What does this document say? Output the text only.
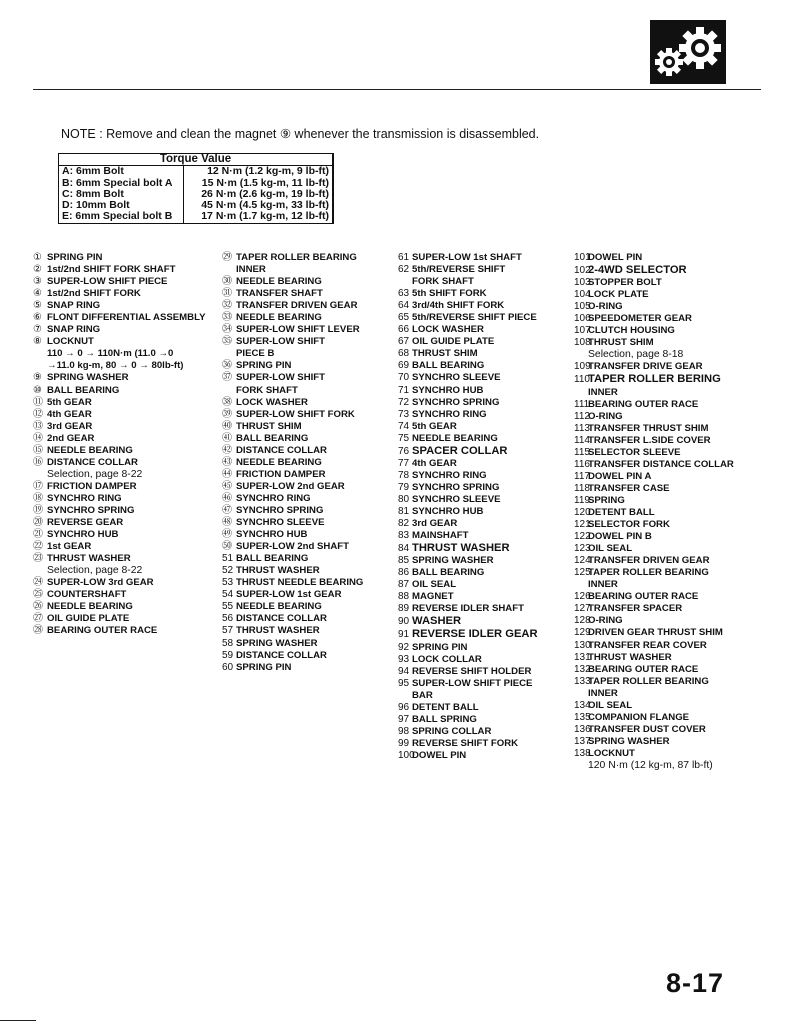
NOTE : Remove and clean the magnet ⑨ whenever the transmission is disassembled.
Torque Value	
A: 6mm Bolt	12 N·m (1.2 kg-m, 9 lb-ft)
B: 6mm Special bolt A	15 N·m (1.5 kg-m, 11 lb-ft)
C: 8mm Bolt	26 N·m (2.6 kg-m, 19 lb-ft)
D: 10mm Bolt	45 N·m (4.5 kg-m, 33 lb-ft)
E: 6mm Special bolt B	17 N·m (1.7 kg-m, 12 lb-ft)
① SPRING PIN
② 1st/2nd SHIFT FORK SHAFT
③ SUPER-LOW SHIFT PIECE
④ 1st/2nd SHIFT FORK
⑤ SNAP RING
⑥ FLONT DIFFERENTIAL ASSEMBLY
⑦ SNAP RING
⑧ LOCKNUT
110 → 0 → 110N·m (11.0 →0
→11.0 kg-m, 80 → 0 → 80lb-ft)
⑨ SPRING WASHER
⑩ BALL BEARING
⑪ 5th GEAR
⑫ 4th GEAR
⑬ 3rd GEAR
⑭ 2nd GEAR
⑮ NEEDLE BEARING
⑯ DISTANCE COLLAR
Selection, page 8-22
⑰ FRICTION DAMPER
⑱ SYNCHRO RING
⑲ SYNCHRO SPRING
⑳ REVERSE GEAR
㉑ SYNCHRO HUB
㉒ 1st GEAR
㉓ THRUST WASHER
Selection, page 8-22
㉔ SUPER-LOW 3rd GEAR
㉕ COUNTERSHAFT
㉖ NEEDLE BEARING
㉗ OIL GUIDE PLATE
㉘ BEARING OUTER RACE
㉙ TAPER ROLLER BEARING
INNER
㉚ NEEDLE BEARING
㉛ TRANSFER SHAFT
㉜ TRANSFER DRIVEN GEAR
㉝ NEEDLE BEARING
㉞ SUPER-LOW SHIFT LEVER
㉟ SUPER-LOW SHIFT
PIECE B
㊱ SPRING PIN
㊲ SUPER-LOW SHIFT
FORK SHAFT
㊳ LOCK WASHER
㊴ SUPER-LOW SHIFT FORK
㊵ THRUST SHIM
㊶ BALL BEARING
㊷ DISTANCE COLLAR
㊸ NEEDLE BEARING
㊹ FRICTION DAMPER
㊺ SUPER-LOW 2nd GEAR
㊻ SYNCHRO RING
㊼ SYNCHRO SPRING
㊽ SYNCHRO SLEEVE
㊾ SYNCHRO HUB
㊿ SUPER-LOW 2nd SHAFT
51 BALL BEARING
52 THRUST WASHER
53 THRUST NEEDLE BEARING
54 SUPER-LOW 1st GEAR
55 NEEDLE BEARING
56 DISTANCE COLLAR
57 THRUST WASHER
58 SPRING WASHER
59 DISTANCE COLLAR
60 SPRING PIN
61 SUPER-LOW 1st SHAFT
62 5th/REVERSE SHIFT
FORK SHAFT
63 5th SHIFT FORK
64 3rd/4th SHIFT FORK
65 5th/REVERSE SHIFT PIECE
66 LOCK WASHER
67 OIL GUIDE PLATE
68 THRUST SHIM
69 BALL BEARING
70 SYNCHRO SLEEVE
71 SYNCHRO HUB
72 SYNCHRO SPRING
73 SYNCHRO RING
74 5th GEAR
75 NEEDLE BEARING
76 SPACER COLLAR
77 4th GEAR
78 SYNCHRO RING
79 SYNCHRO SPRING
80 SYNCHRO SLEEVE
81 SYNCHRO HUB
82 3rd GEAR
83 MAINSHAFT
84 THRUST WASHER
85 SPRING WASHER
86 BALL BEARING
87 OIL SEAL
88 MAGNET
89 REVERSE IDLER SHAFT
90 WASHER
91 REVERSE IDLER GEAR
92 SPRING PIN
93 LOCK COLLAR
94 REVERSE SHIFT HOLDER
95 SUPER-LOW SHIFT PIECE
BAR
96 DETENT BALL
97 BALL SPRING
98 SPRING COLLAR
99 REVERSE SHIFT FORK
100DOWEL PIN
101DOWEL PIN
1022-4WD SELECTOR
103STOPPER BOLT
104LOCK PLATE
105O-RING
106SPEEDOMETER GEAR
107CLUTCH HOUSING
108THRUST SHIM
Selection, page 8-18
109TRANSFER DRIVE GEAR
110TAPER ROLLER BERING
INNER
111BEARING OUTER RACE
112O-RING
113TRANSFER THRUST SHIM
114TRANSFER L.SIDE COVER
115SELECTOR SLEEVE
116TRANSFER DISTANCE COLLAR
117DOWEL PIN A
118TRANSFER CASE
119SPRING
120DETENT BALL
121SELECTOR FORK
122DOWEL PIN B
123OIL SEAL
124TRANSFER DRIVEN GEAR
125TAPER ROLLER BEARING
INNER
126BEARING OUTER RACE
127TRANSFER SPACER
128O-RING
129DRIVEN GEAR THRUST SHIM
130TRANSFER REAR COVER
131THRUST WASHER
132BEARING OUTER RACE
133TAPER ROLLER BEARING
INNER
134OIL SEAL
135COMPANION FLANGE
136TRANSFER DUST COVER
137SPRING WASHER
138LOCKNUT
120 N·m (12 kg-m, 87 lb-ft)
8-17
